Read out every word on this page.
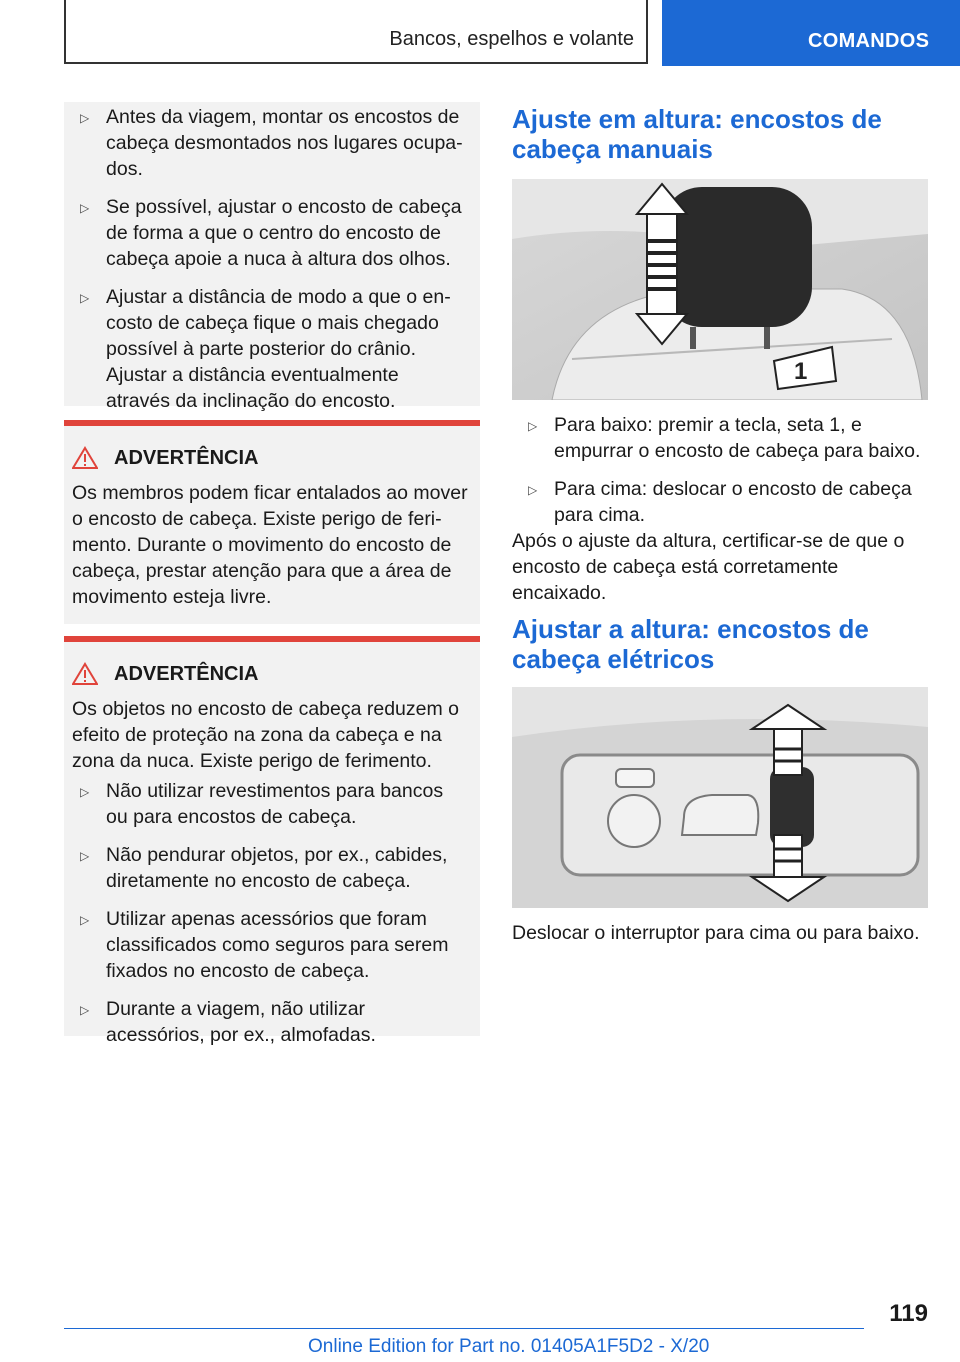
Bancos, espelhos e volante	COMANDOS
▷ Antes da viagem, montar os encostos de cabeça desmontados nos lugares ocupados.
▷ Se possível, ajustar o encosto de cabeça de forma a que o centro do encosto de cabeça apoie a nuca à altura dos olhos.
▷ Ajustar a distância de modo a que o encosto de cabeça fique o mais chegado possível à parte posterior do crânio. Ajustar a distância eventualmente através da inclinação do encosto.
ADVERTÊNCIA

Os membros podem ficar entalados ao mover o encosto de cabeça. Existe perigo de ferimento. Durante o movimento do encosto de cabeça, prestar atenção para que a área de movimento esteja livre.

ADVERTÊNCIA

Os objetos no encosto de cabeça reduzem o efeito de proteção na zona da cabeça e na zona da nuca. Existe perigo de ferimento.

▷ Não utilizar revestimentos para bancos ou para encostos de cabeça.
▷ Não pendurar objetos, por ex., cabides, diretamente no encosto de cabeça.
▷ Utilizar apenas acessórios que foram classificados como seguros para serem fixados no encosto de cabeça.
▷ Durante a viagem, não utilizar acessórios, por ex., almofadas.
Ajuste em altura: encostos de cabeça manuais
1
▷ Para baixo: premir a tecla, seta 1, e empurrar o encosto de cabeça para baixo.
▷ Para cima: deslocar o encosto de cabeça para cima.

Após o ajuste da altura, certificar-se de que o encosto de cabeça está corretamente encaixado.

Ajustar a altura: encostos de cabeça elétricos

Deslocar o interruptor para cima ou para baixo.

119
Online Edition for Part no. 01405A1F5D2 - X/20
